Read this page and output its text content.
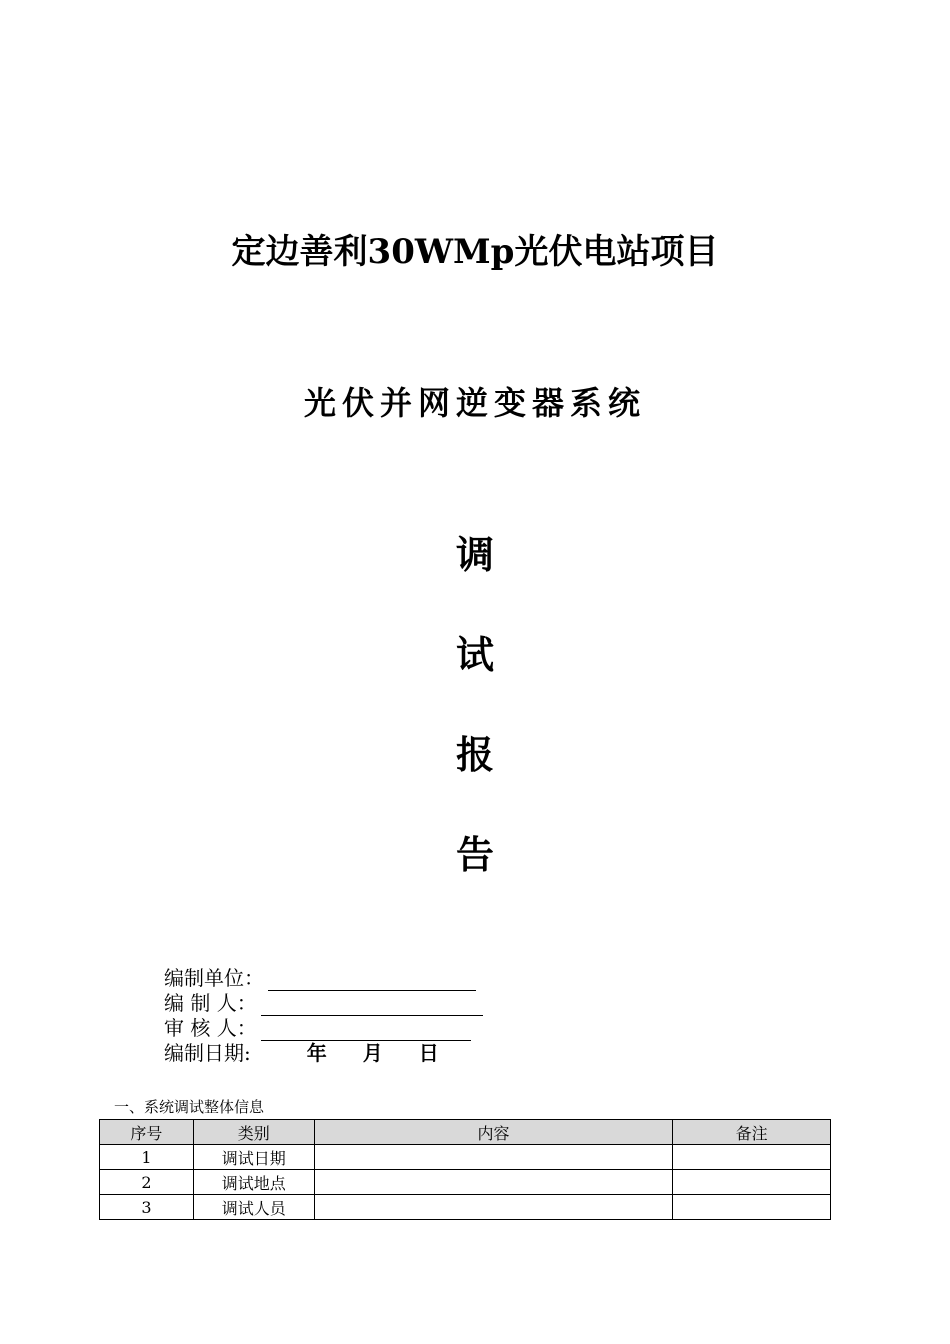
定边善利30WMp光伏电站项目
光伏并网逆变器系统
调
试
报
告
编制单位：
编 制 人：
审 核 人：
编制日期:	年 月 日
一、系统调试整体信息
序号	类别	内容	备注
1	调试日期		
2	调试地点		
3	调试人员		
